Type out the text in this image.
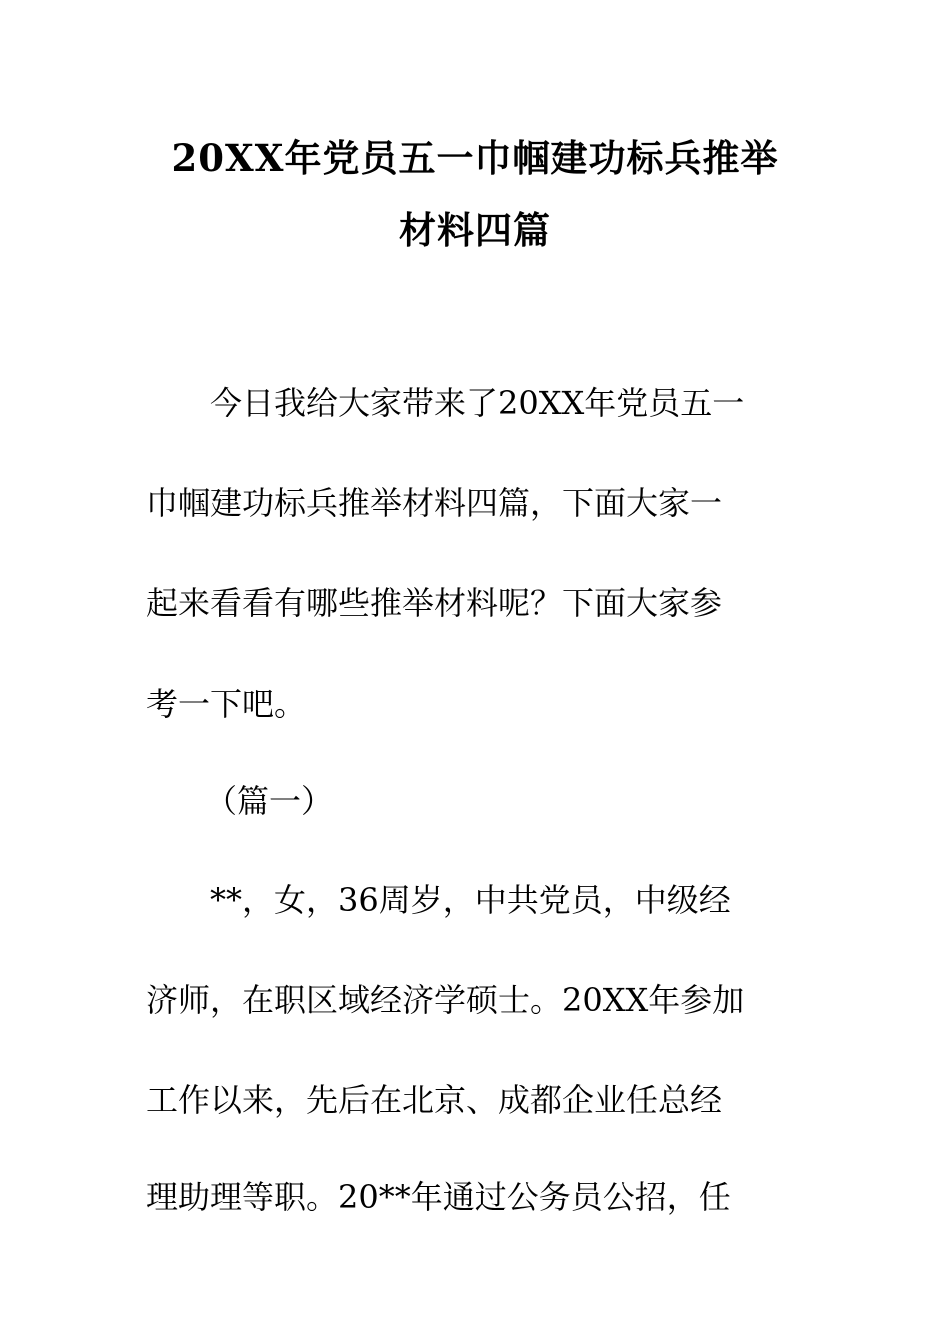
20XX年党员五一巾帼建功标兵推举
材料四篇
今日我给大家带来了20XX年党员五一
巾帼建功标兵推举材料四篇，下面大家一
起来看看有哪些推举材料呢？下面大家参
考一下吧。
（篇一）
**，女，36周岁，中共党员，中级经
济师，在职区域经济学硕士。20XX年参加
工作以来，先后在北京、成都企业任总经
理助理等职。20**年通过公务员公招，任
